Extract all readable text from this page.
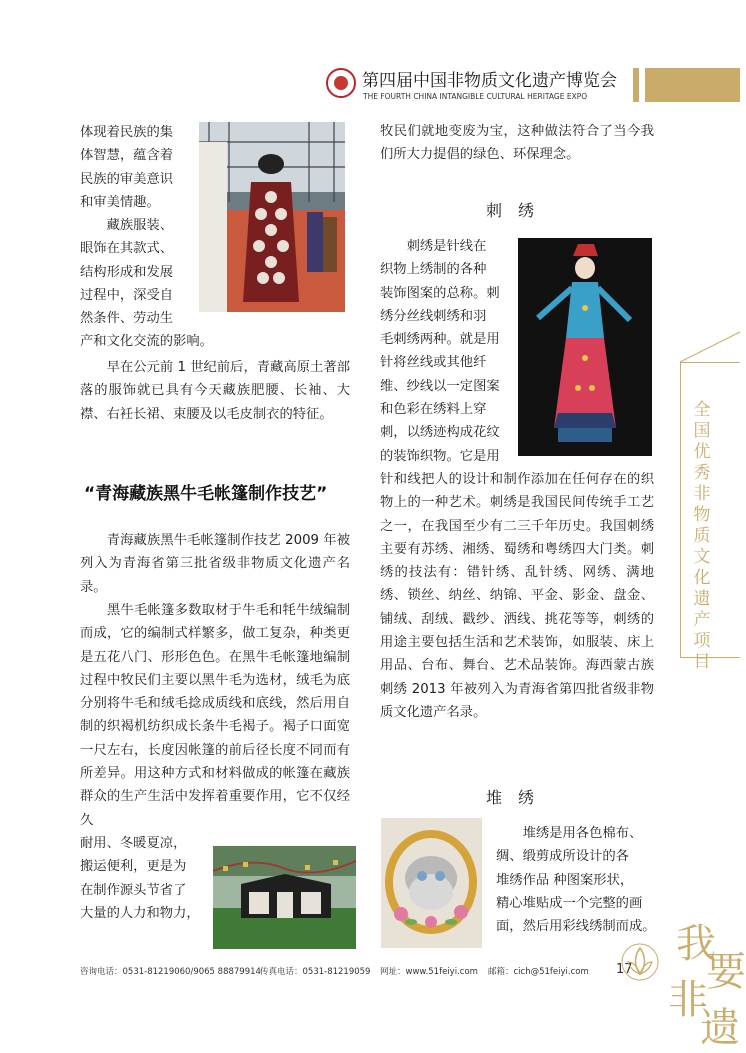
第四届中国非物质文化遗产博览会
THE FOURTH CHINA INTANGIBLE CULTURAL HERITAGE EXPO

体现着民族的集

体智慧，蕴含着

民族的审美意识

和审美情趣。

　　藏族服装、

眼饰在其款式、

结构形成和发展

过程中，深受自

然条件、劳动生

产和文化交流的影响。

　　早在公元前 1 世纪前后，青藏高原土著部落的服饰就已具有今天藏族肥腰、长袖、大襟、右衽长裙、束腰及以毛皮制衣的特征。

“青海藏族黑牛毛帐篷制作技艺”

　　青海藏族黑牛毛帐篷制作技艺 2009 年被列入为青海省第三批省级非物质文化遗产名录。

　　黑牛毛帐篷多数取材于牛毛和牦牛绒编制而成，它的编制式样繁多，做工复杂，种类更是五花八门、形形色色。在黑牛毛帐篷地编制过程中牧民们主要以黑牛毛为选材，绒毛为底分别将牛毛和绒毛捻成质线和底线，然后用自制的织褐机纺织成长条牛毛褐子。褐子口面宽一尺左右，长度因帐篷的前后径长度不同而有所差异。用这种方式和材料做成的帐篷在藏族群众的生产生活中发挥着重要作用，它不仅经久

耐用、冬暖夏凉，

搬运便利，更是为

在制作源头节省了

大量的人力和物力，

牧民们就地变废为宝，这种做法符合了当今我们所大力提倡的绿色、环保理念。

刺　绣

　　刺绣是针线在

织物上绣制的各种

装饰图案的总称。刺

绣分丝线刺绣和羽

毛刺绣两种。就是用

针将丝线或其他纤

维、纱线以一定图案

和色彩在绣料上穿

刺，以绣迹构成花纹

的装饰织物。它是用

针和线把人的设计和制作添加在任何存在的织物上的一种艺术。刺绣是我国民间传统手工艺之一，在我国至少有二三千年历史。我国刺绣主要有苏绣、湘绣、蜀绣和粤绣四大门类。刺绣的技法有：错针绣、乱针绣、网绣、满地绣、锁丝、纳丝、纳锦、平金、影金、盘金、铺绒、刮绒、戳纱、洒线、挑花等等，刺绣的用途主要包括生活和艺术装饰，如服装、床上用品、台布、舞台、艺术品装饰。海西蒙古族刺绣 2013 年被列入为青海省第四批省级非物质文化遗产名录。

堆　绣

　　堆绣是用各色棉布、

绸、缎剪成所设计的各

堆绣作品 种图案形状，

精心堆贴成一个完整的画

面，然后用彩线绣制而成。

全国优秀非物质文化遗产项目
咨询电话：0531-81219060/9065 88879914 传真电话：0531-81219059 网址：www.51feiyi.com 邮箱：cich@51feiyi.com 17
我
要
非
遗
